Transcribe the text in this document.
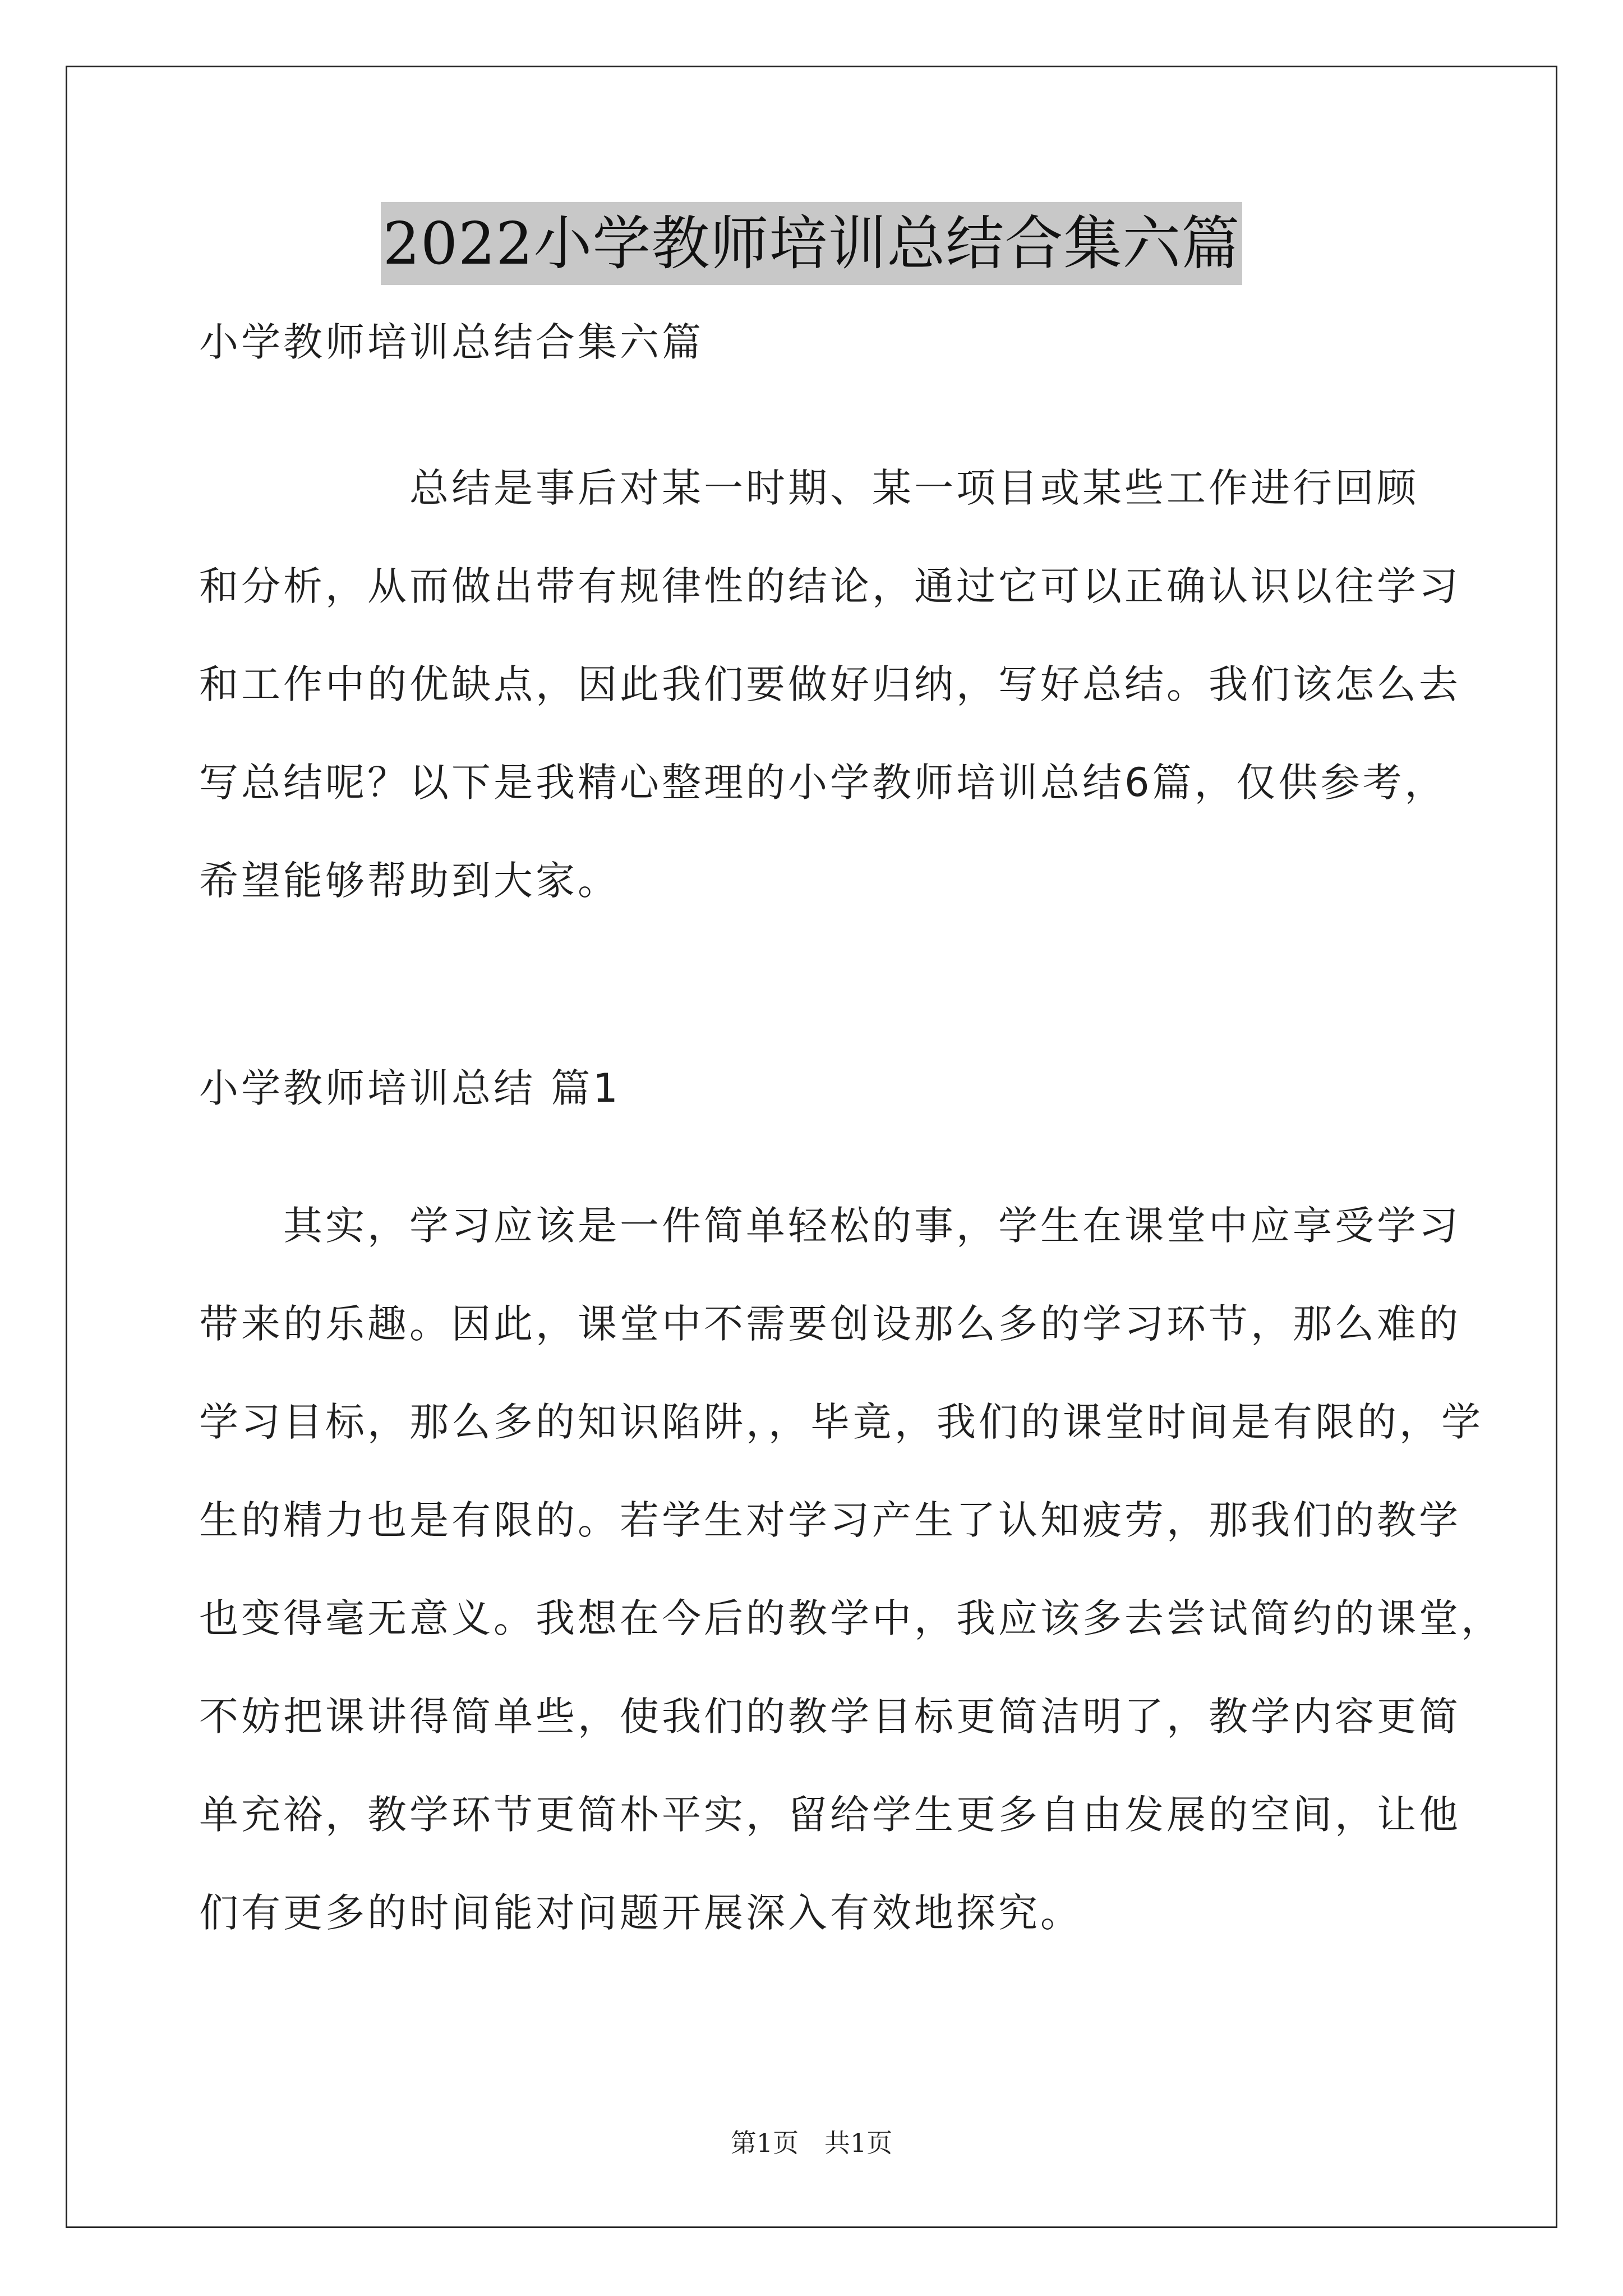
2022小学教师培训总结合集六篇
小学教师培训总结合集六篇
　　　　　总结是事后对某一时期、某一项目或某些工作进行回顾
和分析，从而做出带有规律性的结论，通过它可以正确认识以往学习
和工作中的优缺点，因此我们要做好归纳，写好总结。我们该怎么去
写总结呢？以下是我精心整理的小学教师培训总结6篇，仅供参考，
希望能够帮助到大家。
小学教师培训总结 篇1
　　其实，学习应该是一件简单轻松的事，学生在课堂中应享受学习
带来的乐趣。因此，课堂中不需要创设那么多的学习环节，那么难的
学习目标，那么多的知识陷阱，，毕竟，我们的课堂时间是有限的，学
生的精力也是有限的。若学生对学习产生了认知疲劳，那我们的教学
也变得毫无意义。我想在今后的教学中，我应该多去尝试简约的课堂，
不妨把课讲得简单些，使我们的教学目标更简洁明了，教学内容更简
单充裕，教学环节更简朴平实，留给学生更多自由发展的空间，让他
们有更多的时间能对问题开展深入有效地探究。
第1页　共1页
